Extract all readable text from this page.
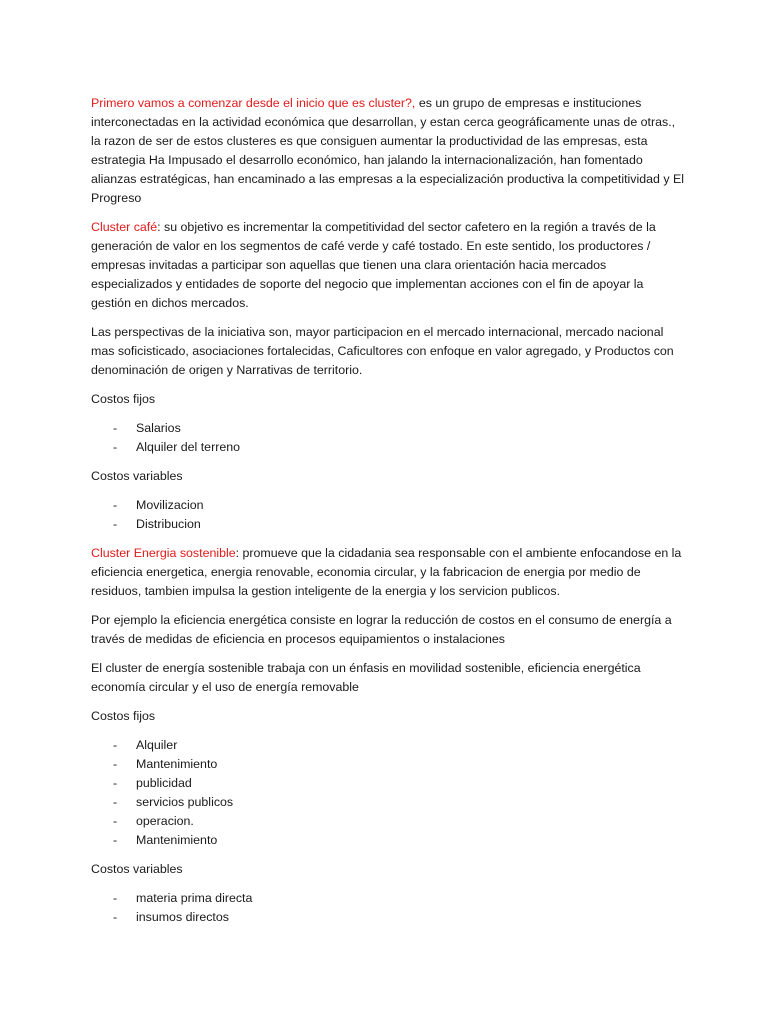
Primero vamos a comenzar desde el inicio que es cluster?, es un grupo de empresas e instituciones interconectadas en la actividad económica que desarrollan, y estan cerca geográficamente unas de otras., la razon de ser de estos clusteres es que consiguen aumentar la productividad de las empresas, esta estrategia Ha Impusado el desarrollo económico, han jalando la internacionalización, han fomentado alianzas estratégicas, han encaminado a las empresas a la especialización productiva la competitividad y El Progreso

Cluster café: su objetivo es incrementar la competitividad del sector cafetero en la región a través de la generación de valor en los segmentos de café verde y café tostado. En este sentido, los productores / empresas invitadas a participar son aquellas que tienen una clara orientación hacia mercados especializados y entidades de soporte del negocio que implementan acciones con el fin de apoyar la gestión en dichos mercados.

Las perspectivas de la iniciativa son, mayor participacion en el mercado internacional, mercado nacional mas soficisticado, asociaciones fortalecidas, Caficultores con enfoque en valor agregado, y Productos con denominación de origen y Narrativas de territorio.

Costos fijos

- Salarios
- Alquiler del terreno

Costos variables

- Movilizacion
- Distribucion

Cluster Energia sostenible: promueve que la cidadania sea responsable con el ambiente enfocandose en la eficiencia energetica, energia renovable, economia circular, y la fabricacion de energia por medio de residuos, tambien impulsa la gestion inteligente de la energia y los servicion publicos.

Por ejemplo la eficiencia energética consiste en lograr la reducción de costos en el consumo de energía a través de medidas de eficiencia en procesos equipamientos o instalaciones

El cluster de energía sostenible trabaja con un énfasis en movilidad sostenible, eficiencia energética economía circular y el uso de energía removable

Costos fijos

- Alquiler
- Mantenimiento
- publicidad
- servicios publicos
- operacion.
- Mantenimiento

Costos variables

- materia prima directa
- insumos directos
